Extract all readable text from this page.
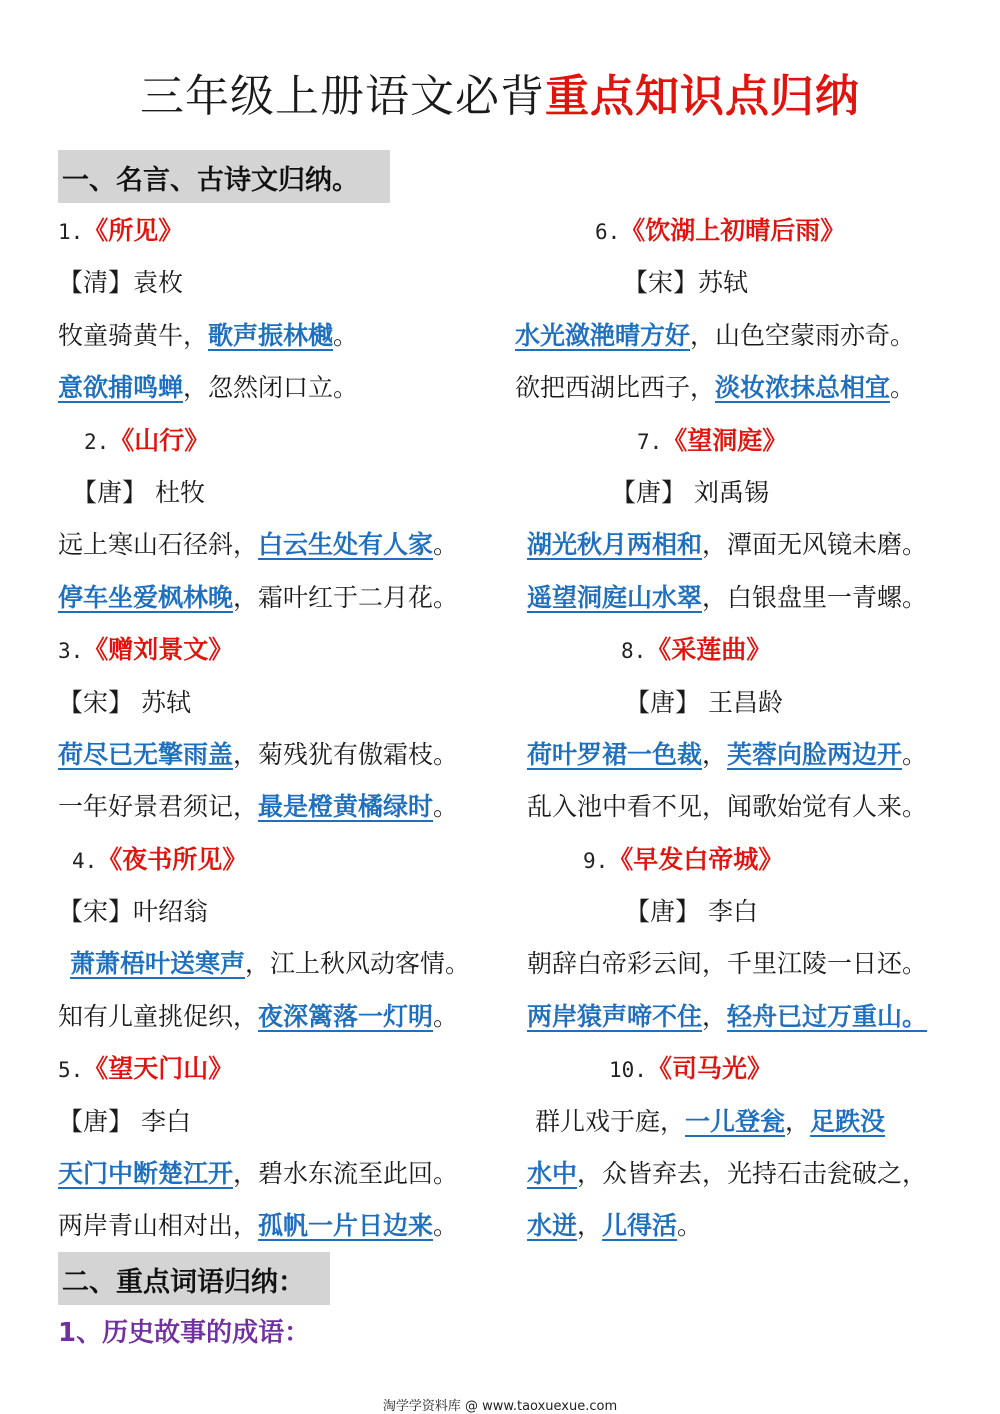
三年级上册语文必背重点知识点归纳
一、名言、古诗文归纳。
1.《所见》
【清】袁枚
牧童骑黄牛，歌声振林樾。
意欲捕鸣蝉，忽然闭口立。
2.《山行》
【唐】 杜牧
远上寒山石径斜，白云生处有人家。
停车坐爱枫林晚，霜叶红于二月花。
3.《赠刘景文》
【宋】 苏轼
荷尽已无擎雨盖，菊残犹有傲霜枝。
一年好景君须记，最是橙黄橘绿时。
4.《夜书所见》
【宋】叶绍翁
萧萧梧叶送寒声，江上秋风动客情。
知有儿童挑促织，夜深篱落一灯明。
5.《望天门山》
【唐】 李白
天门中断楚江开，碧水东流至此回。
两岸青山相对出，孤帆一片日边来。
6.《饮湖上初晴后雨》
【宋】苏轼
水光潋滟晴方好，山色空蒙雨亦奇。
欲把西湖比西子，淡妆浓抹总相宜。
7.《望洞庭》
【唐】 刘禹锡
湖光秋月两相和，潭面无风镜未磨。
遥望洞庭山水翠，白银盘里一青螺。
8.《采莲曲》
【唐】 王昌龄
荷叶罗裙一色裁，芙蓉向脸两边开。
乱入池中看不见，闻歌始觉有人来。
9.《早发白帝城》
【唐】 李白
朝辞白帝彩云间，千里江陵一日还。
两岸猿声啼不住，轻舟已过万重山。
10.《司马光》
群儿戏于庭，一儿登瓮，足跌没
水中，众皆弃去，光持石击瓮破之，
水迸，儿得活。
二、重点词语归纳：
1、历史故事的成语：
淘学学资料库 @ www.taoxuexue.com
